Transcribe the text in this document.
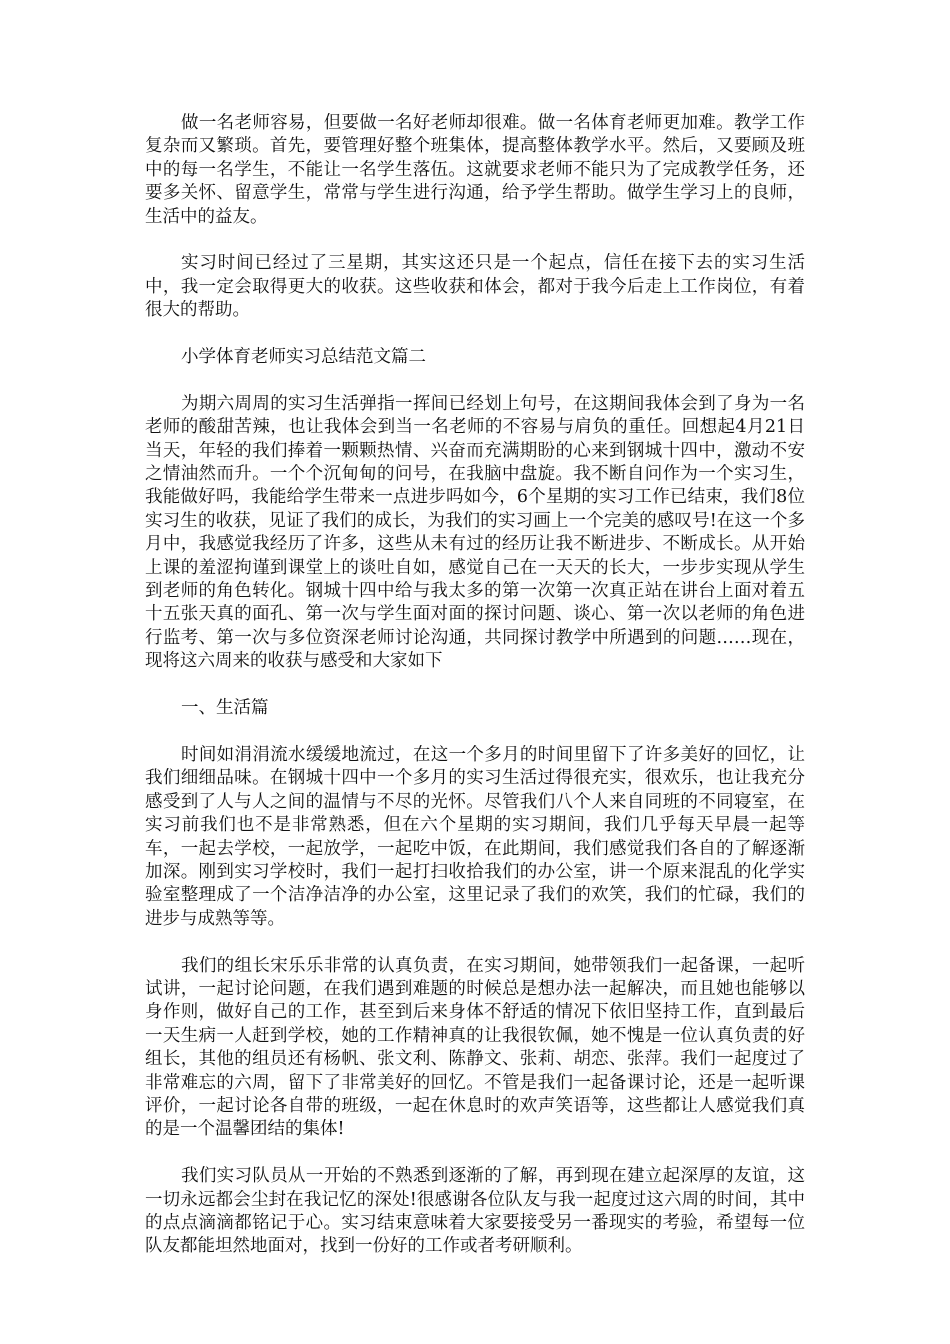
做一名老师容易，但要做一名好老师却很难。做一名体育老师更加难。教学工作复杂而又繁琐。首先，要管理好整个班集体，提高整体教学水平。然后，又要顾及班中的每一名学生，不能让一名学生落伍。这就要求老师不能只为了完成教学任务，还要多关怀、留意学生，常常与学生进行沟通，给予学生帮助。做学生学习上的良师，生活中的益友。

实习时间已经过了三星期，其实这还只是一个起点，信任在接下去的实习生活中，我一定会取得更大的收获。这些收获和体会，都对于我今后走上工作岗位，有着很大的帮助。

小学体育老师实习总结范文篇二

为期六周周的实习生活弹指一挥间已经划上句号，在这期间我体会到了身为一名老师的酸甜苦辣，也让我体会到当一名老师的不容易与肩负的重任。回想起4月21日当天，年轻的我们捧着一颗颗热情、兴奋而充满期盼的心来到钢城十四中，激动不安之情油然而升。一个个沉甸甸的问号，在我脑中盘旋。我不断自问作为一个实习生，我能做好吗，我能给学生带来一点进步吗如今，6个星期的实习工作已结束，我们8位实习生的收获，见证了我们的成长，为我们的实习画上一个完美的感叹号!在这一个多月中，我感觉我经历了许多，这些从未有过的经历让我不断进步、不断成长。从开始上课的羞涩拘谨到课堂上的谈吐自如，感觉自己在一天天的长大，一步步实现从学生到老师的角色转化。钢城十四中给与我太多的第一次第一次真正站在讲台上面对着五十五张天真的面孔、第一次与学生面对面的探讨问题、谈心、第一次以老师的角色进行监考、第一次与多位资深老师讨论沟通，共同探讨教学中所遇到的问题……现在，现将这六周来的收获与感受和大家如下

一、生活篇

时间如涓涓流水缓缓地流过，在这一个多月的时间里留下了许多美好的回忆，让我们细细品味。在钢城十四中一个多月的实习生活过得很充实，很欢乐，也让我充分感受到了人与人之间的温情与不尽的光怀。尽管我们八个人来自同班的不同寝室，在实习前我们也不是非常熟悉，但在六个星期的实习期间，我们几乎每天早晨一起等车，一起去学校，一起放学，一起吃中饭，在此期间，我们感觉我们各自的了解逐渐加深。刚到实习学校时，我们一起打扫收拾我们的办公室，讲一个原来混乱的化学实验室整理成了一个洁净洁净的办公室，这里记录了我们的欢笑，我们的忙碌，我们的进步与成熟等等。

我们的组长宋乐乐非常的认真负责，在实习期间，她带领我们一起备课，一起听试讲，一起讨论问题，在我们遇到难题的时候总是想办法一起解决，而且她也能够以身作则，做好自己的工作，甚至到后来身体不舒适的情况下依旧坚持工作，直到最后一天生病一人赶到学校，她的工作精神真的让我很钦佩，她不愧是一位认真负责的好组长，其他的组员还有杨帆、张文利、陈静文、张莉、胡恋、张萍。我们一起度过了非常难忘的六周，留下了非常美好的回忆。不管是我们一起备课讨论，还是一起听课评价，一起讨论各自带的班级，一起在休息时的欢声笑语等，这些都让人感觉我们真的是一个温馨团结的集体!

我们实习队员从一开始的不熟悉到逐渐的了解，再到现在建立起深厚的友谊，这一切永远都会尘封在我记忆的深处!很感谢各位队友与我一起度过这六周的时间，其中的点点滴滴都铭记于心。实习结束意味着大家要接受另一番现实的考验，希望每一位队友都能坦然地面对，找到一份好的工作或者考研顺利。
